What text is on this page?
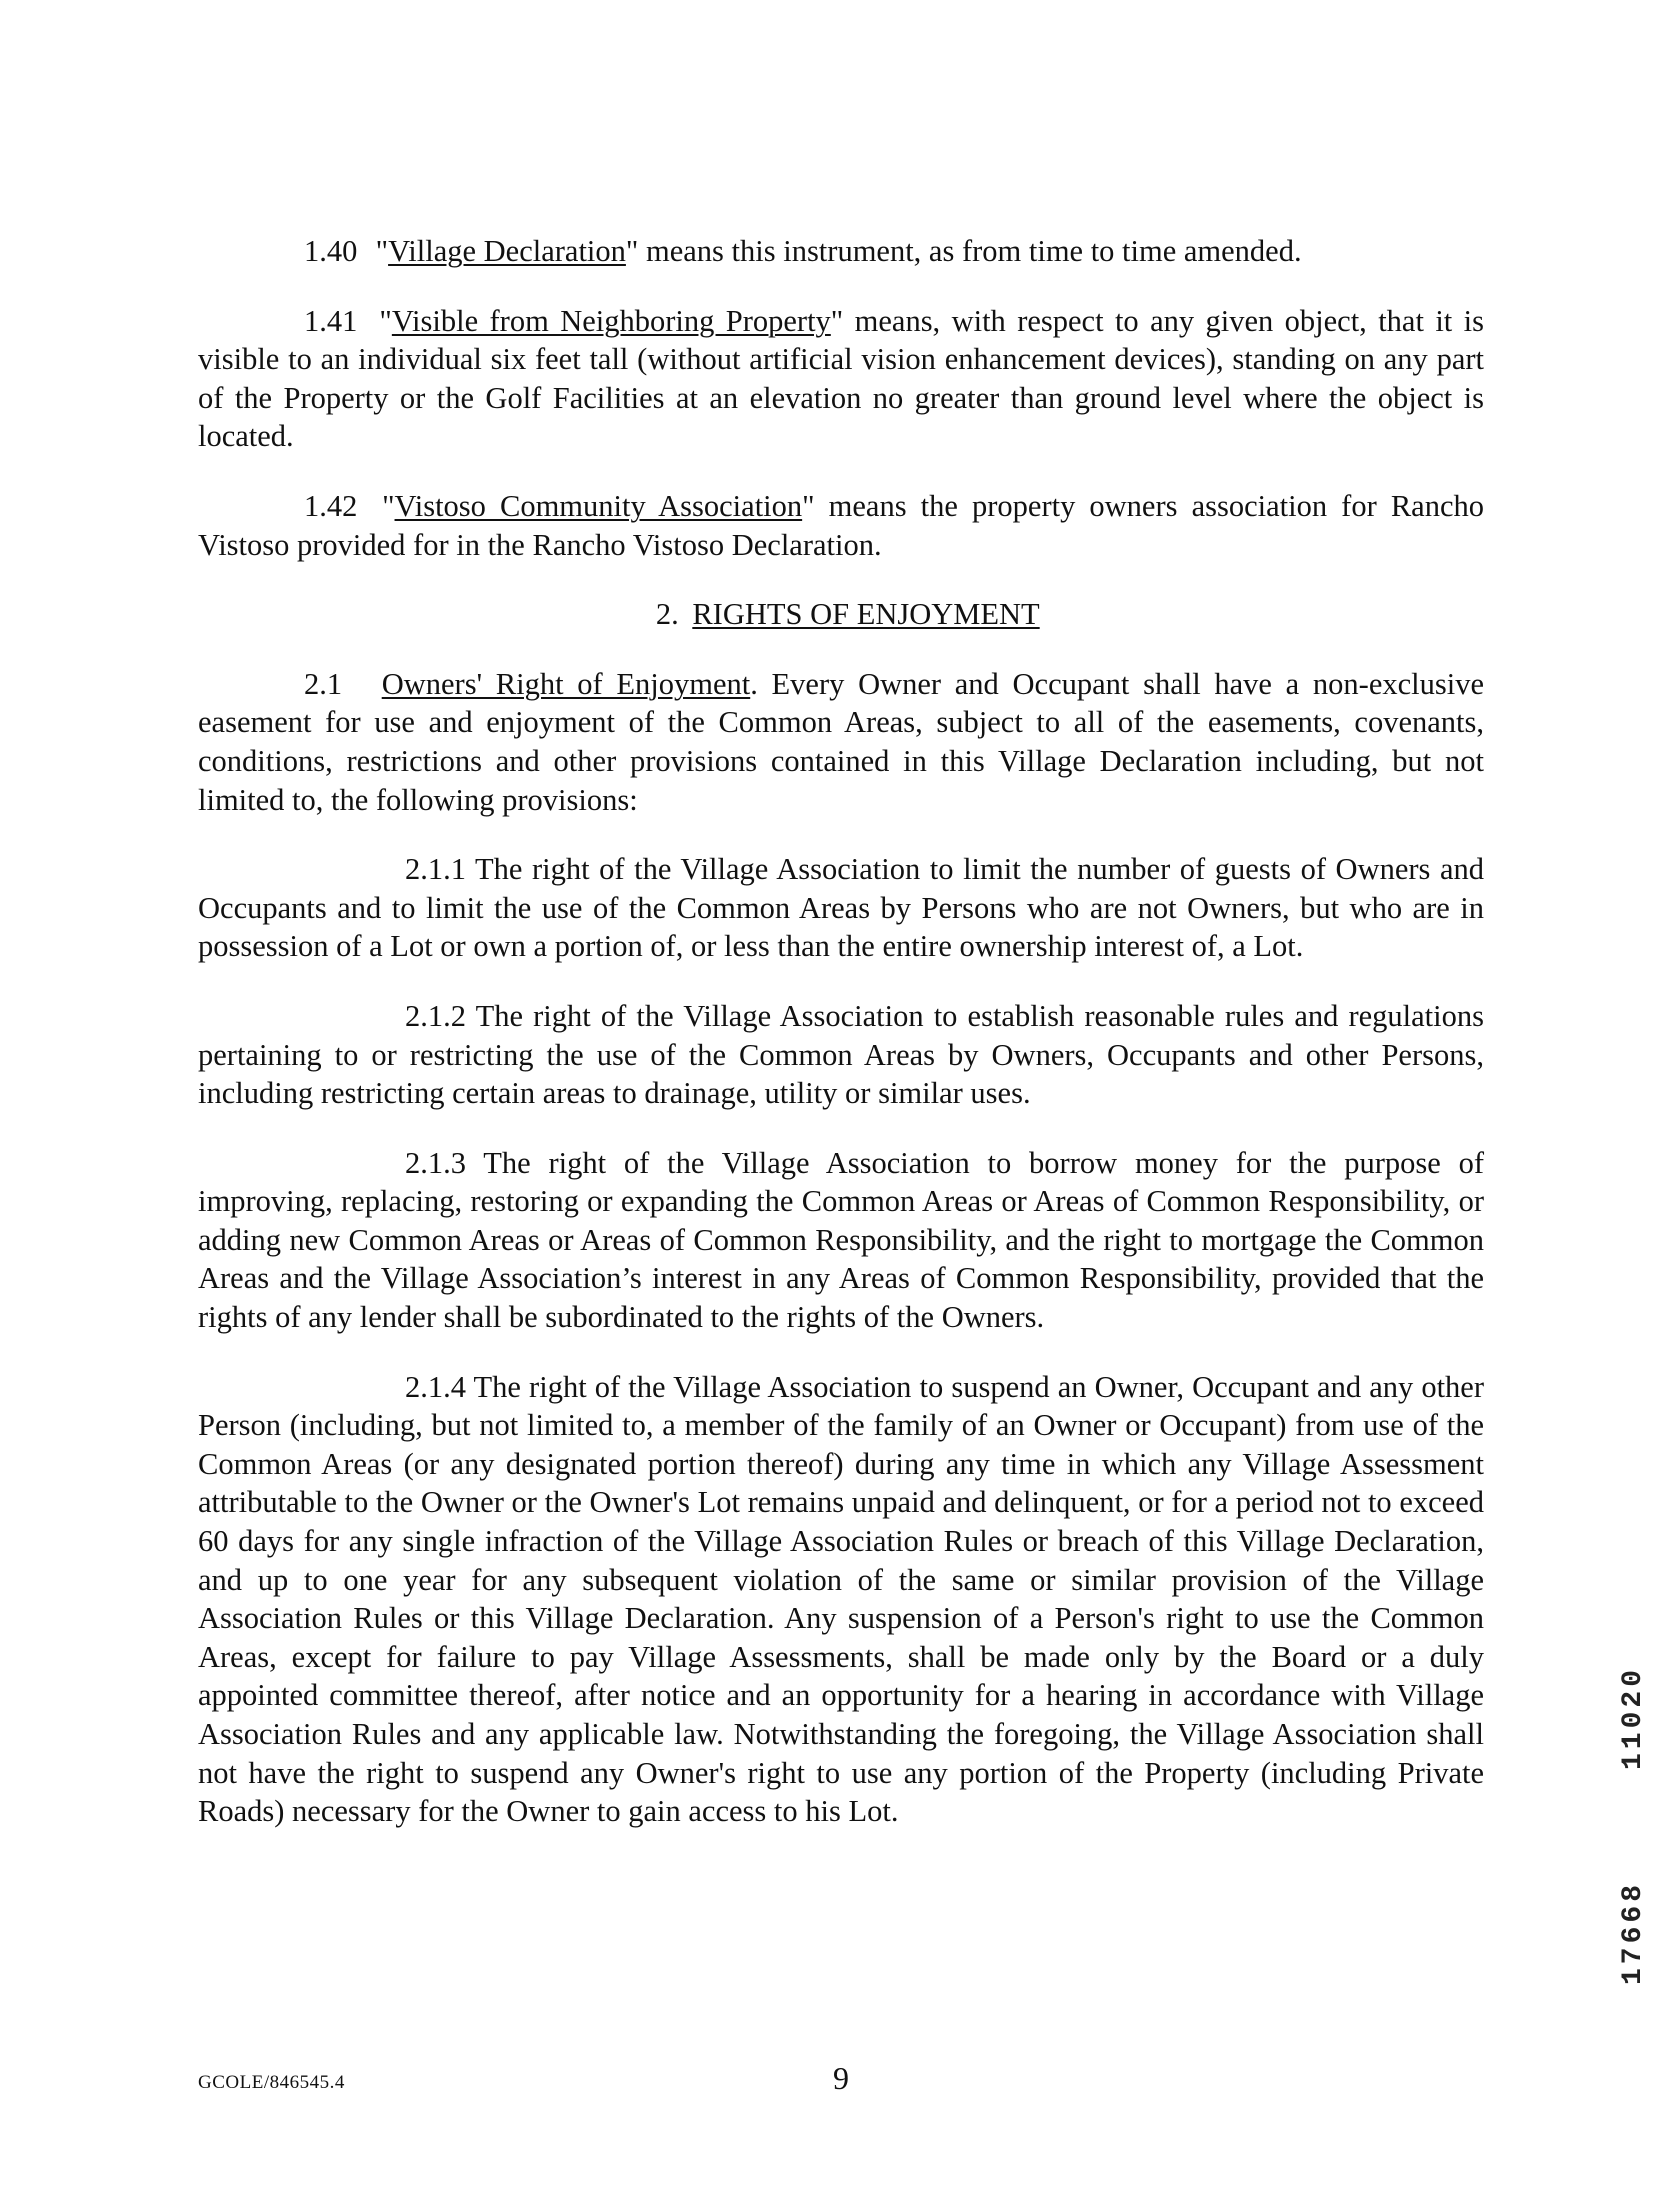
1.40 "Village Declaration" means this instrument, as from time to time amended.

1.41 "Visible from Neighboring Property" means, with respect to any given object, that it is visible to an individual six feet tall (without artificial vision enhancement devices), standing on any part of the Property or the Golf Facilities at an elevation no greater than ground level where the object is located.

1.42 "Vistoso Community Association" means the property owners association for Rancho Vistoso provided for in the Rancho Vistoso Declaration.

2. RIGHTS OF ENJOYMENT

2.1 Owners' Right of Enjoyment. Every Owner and Occupant shall have a non-exclusive easement for use and enjoyment of the Common Areas, subject to all of the easements, covenants, conditions, restrictions and other provisions contained in this Village Declaration including, but not limited to, the following provisions:

2.1.1 The right of the Village Association to limit the number of guests of Owners and Occupants and to limit the use of the Common Areas by Persons who are not Owners, but who are in possession of a Lot or own a portion of, or less than the entire ownership interest of, a Lot.

2.1.2 The right of the Village Association to establish reasonable rules and regulations pertaining to or restricting the use of the Common Areas by Owners, Occupants and other Persons, including restricting certain areas to drainage, utility or similar uses.

2.1.3 The right of the Village Association to borrow money for the purpose of improving, replacing, restoring or expanding the Common Areas or Areas of Common Responsibility, or adding new Common Areas or Areas of Common Responsibility, and the right to mortgage the Common Areas and the Village Association’s interest in any Areas of Common Responsibility, provided that the rights of any lender shall be subordinated to the rights of the Owners.

2.1.4 The right of the Village Association to suspend an Owner, Occupant and any other Person (including, but not limited to, a member of the family of an Owner or Occupant) from use of the Common Areas (or any designated portion thereof) during any time in which any Village Assessment attributable to the Owner or the Owner's Lot remains unpaid and delinquent, or for a period not to exceed 60 days for any single infraction of the Village Association Rules or breach of this Village Declaration, and up to one year for any subsequent violation of the same or similar provision of the Village Association Rules or this Village Declaration. Any suspension of a Person's right to use the Common Areas, except for failure to pay Village Assessments, shall be made only by the Board or a duly appointed committee thereof, after notice and an opportunity for a hearing in accordance with Village Association Rules and any applicable law. Notwithstanding the foregoing, the Village Association shall not have the right to suspend any Owner's right to use any portion of the Property (including Private Roads) necessary for the Owner to gain access to his Lot.

11020
17668
GCOLE/846545.4	9
